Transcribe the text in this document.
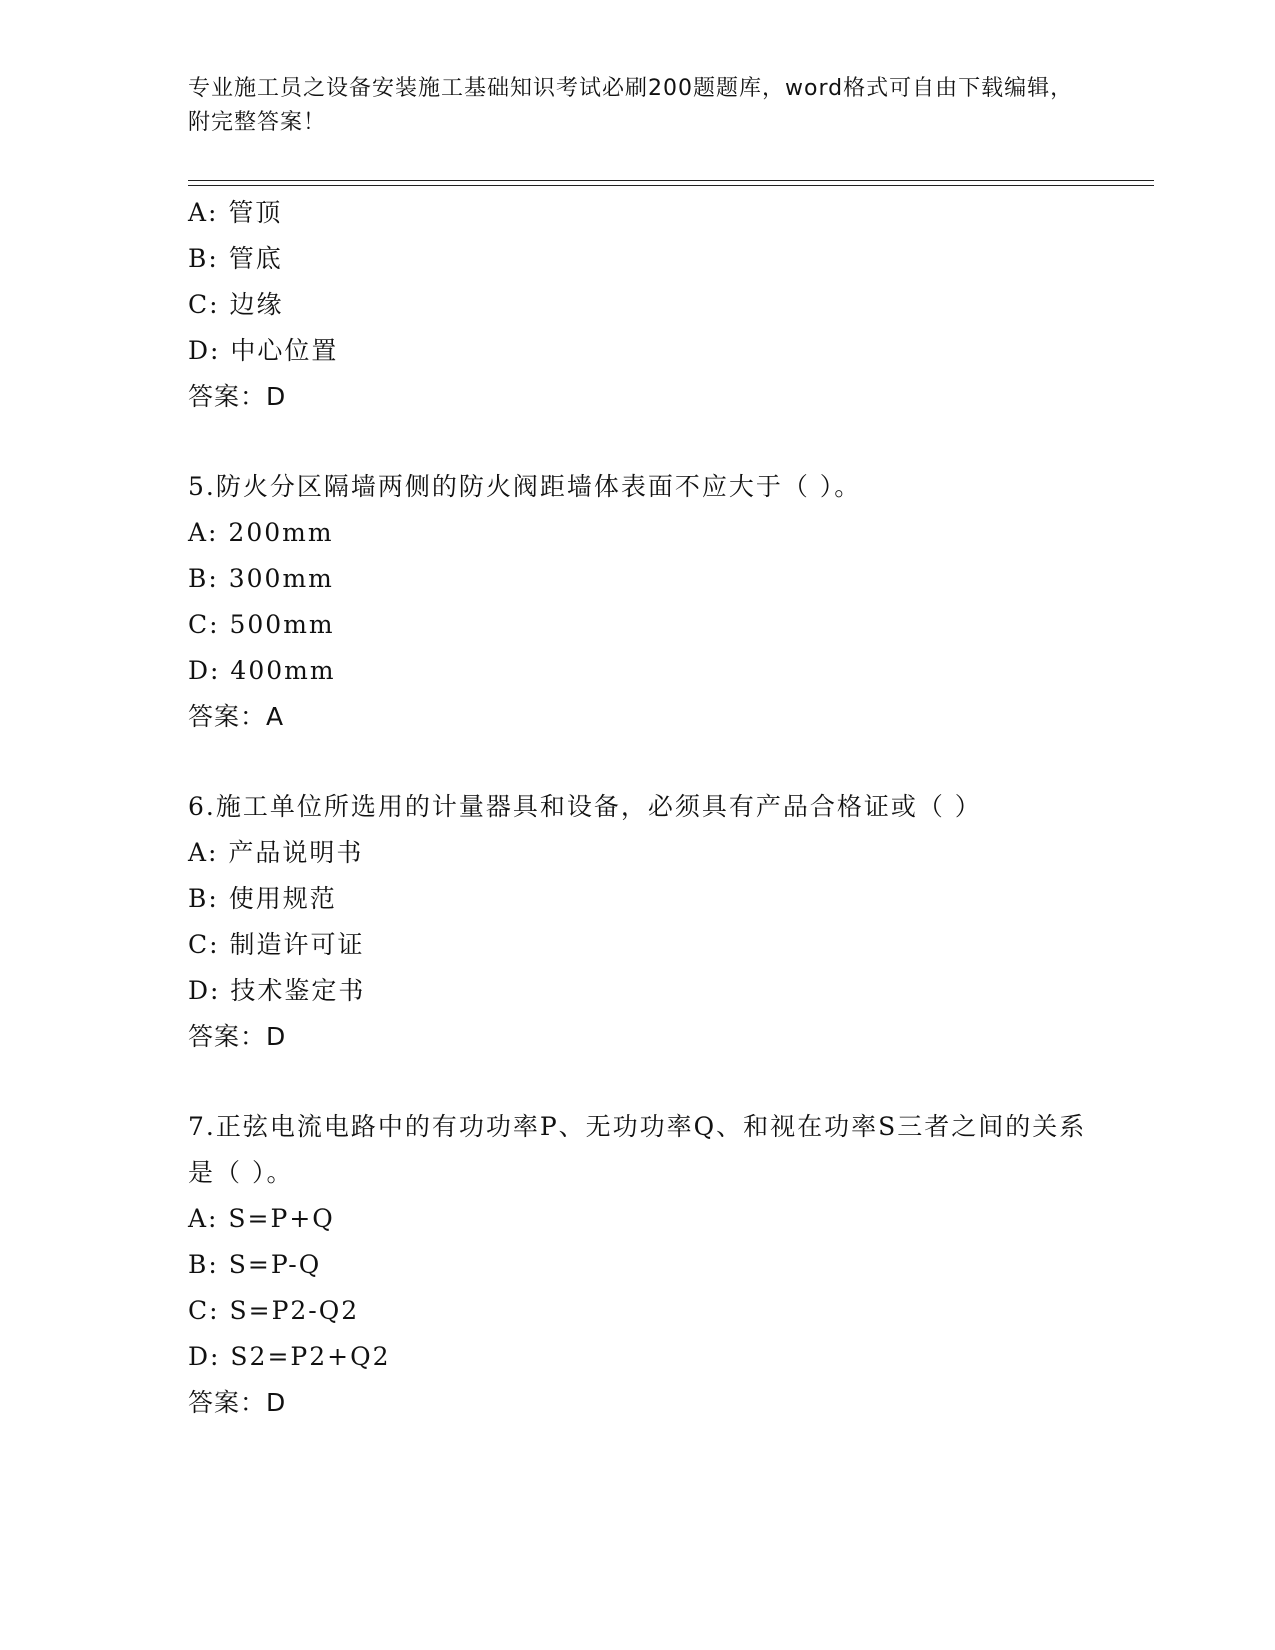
专业施工员之设备安装施工基础知识考试必刷200题题库，word格式可自由下载编辑，附完整答案！
A: 管顶
B: 管底
C: 边缘
D: 中心位置
答案：D
5.防火分区隔墙两侧的防火阀距墙体表面不应大于（ ）。
A: 200mm
B: 300mm
C: 500mm
D: 400mm
答案：A
6.施工单位所选用的计量器具和设备，必须具有产品合格证或（ ）
A: 产品说明书
B: 使用规范
C: 制造许可证
D: 技术鉴定书
答案：D
7.正弦电流电路中的有功功率P、无功功率Q、和视在功率S三者之间的关系是（ ）。
A: S=P+Q
B: S=P-Q
C: S=P2-Q2
D: S2=P2+Q2
答案：D
